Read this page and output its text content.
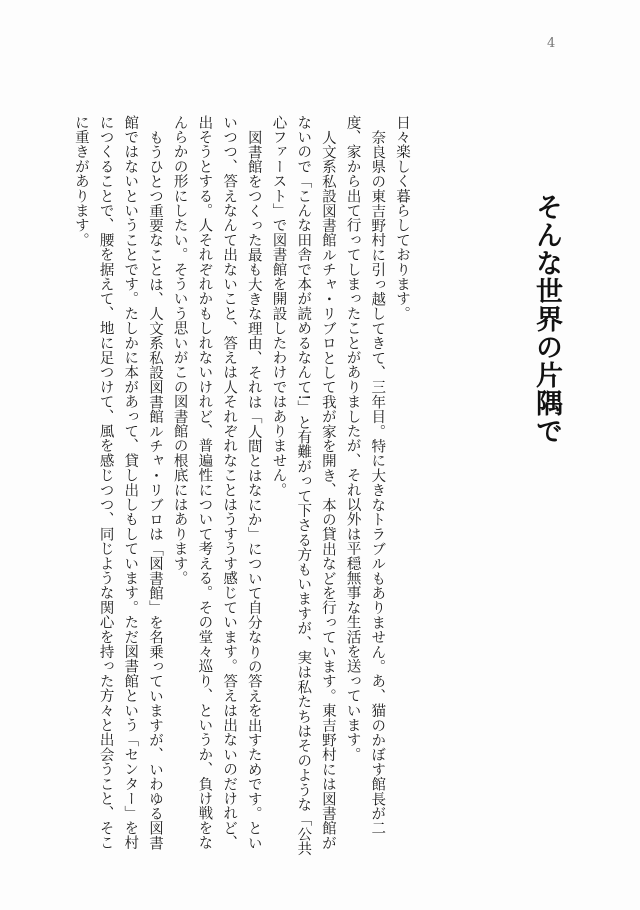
4
そんな世界の片隅で

日々楽しく暮らしております。

奈良県の東吉野村に引っ越してきて、三年目。特に大きなトラブルもありません。あ、猫のかぼす館長が二度、家から出て行ってしまったことがありましたが、それ以外は平穏無事な生活を送っています。

人文系私設図書館ルチャ・リブロとして我が家を開き、本の貸出などを行っています。東吉野村には図書館がないので「こんな田舎で本が読めるなんて!」と有難がって下さる方もいますが、実は私たちはそのような「公共心ファースト」で図書館を開設したわけではありません。

図書館をつくった最も大きな理由、それは「人間とはなにか」について自分なりの答えを出すためです。といいつつ、答えなんて出ないこと、答えは人それぞれなことはうすうす感じています。答えは出ないのだけれど、出そうとする。人それぞれかもしれないけれど、普遍性について考える。その堂々巡り、というか、負け戦をなんらかの形にしたい。そういう思いがこの図書館の根底にはあります。

もうひとつ重要なことは、人文系私設図書館ルチャ・リブロは「図書館」を名乗っていますが、いわゆる図書館ではないということです。たしかに本があって、貸し出しもしています。ただ図書館という「センター」を村につくることで、腰を据えて、地に足つけて、風を感じつつ、同じような関心を持った方々と出会うこと、そこに重きがあります。
